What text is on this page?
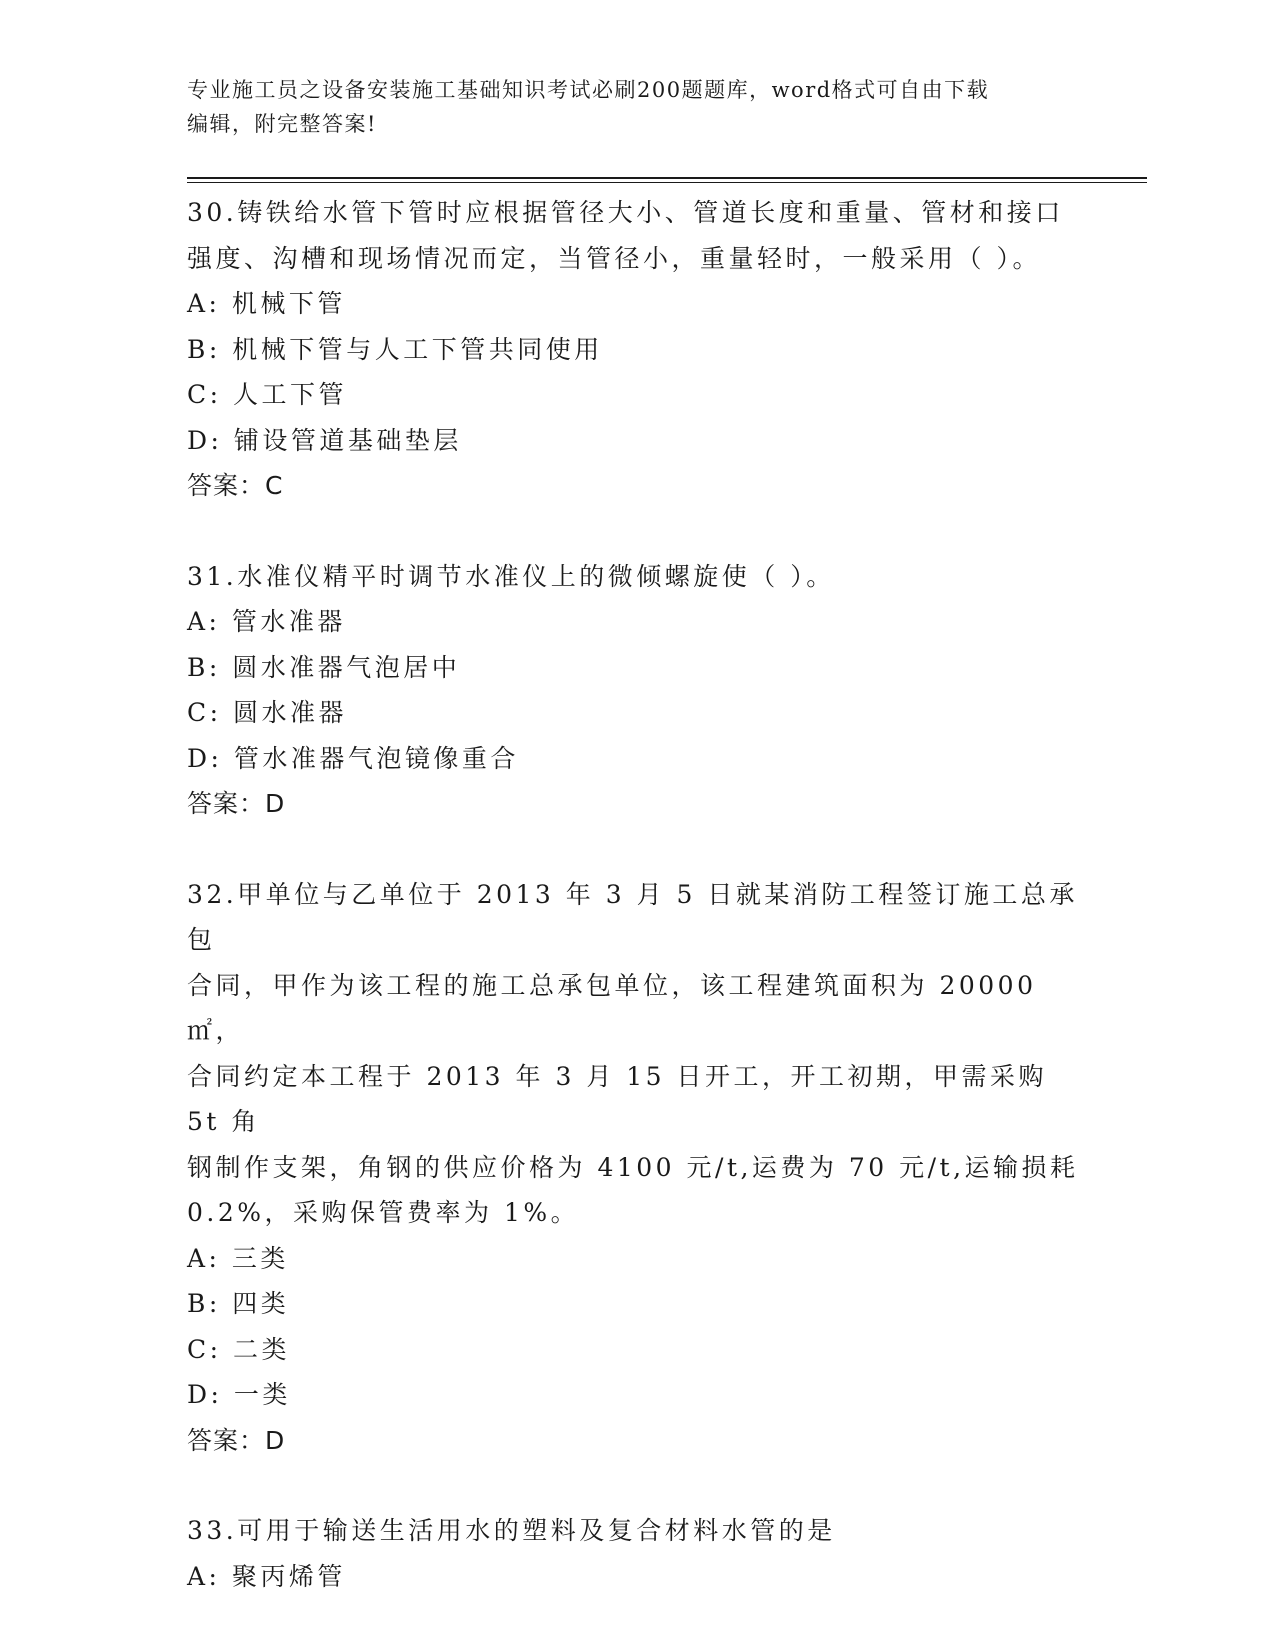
专业施工员之设备安装施工基础知识考试必刷200题题库，word格式可自由下载
编辑，附完整答案!
30.铸铁给水管下管时应根据管径大小、管道长度和重量、管材和接口
强度、沟槽和现场情况而定，当管径小，重量轻时，一般采用（ ）。
A: 机械下管
B: 机械下管与人工下管共同使用
C: 人工下管
D: 铺设管道基础垫层
答案：C
31.水准仪精平时调节水准仪上的微倾螺旋使（ ）。
A: 管水准器
B: 圆水准器气泡居中
C: 圆水准器
D: 管水准器气泡镜像重合
答案：D
32.甲单位与乙单位于 2013 年 3 月 5 日就某消防工程签订施工总承包
合同，甲作为该工程的施工总承包单位，该工程建筑面积为 20000㎡，
合同约定本工程于 2013 年 3 月 15 日开工，开工初期，甲需采购 5t 角
钢制作支架，角钢的供应价格为 4100 元/t,运费为 70 元/t,运输损耗
0.2%，采购保管费率为 1%。
A: 三类
B: 四类
C: 二类
D: 一类
答案：D
33.可用于输送生活用水的塑料及复合材料水管的是
A: 聚丙烯管
